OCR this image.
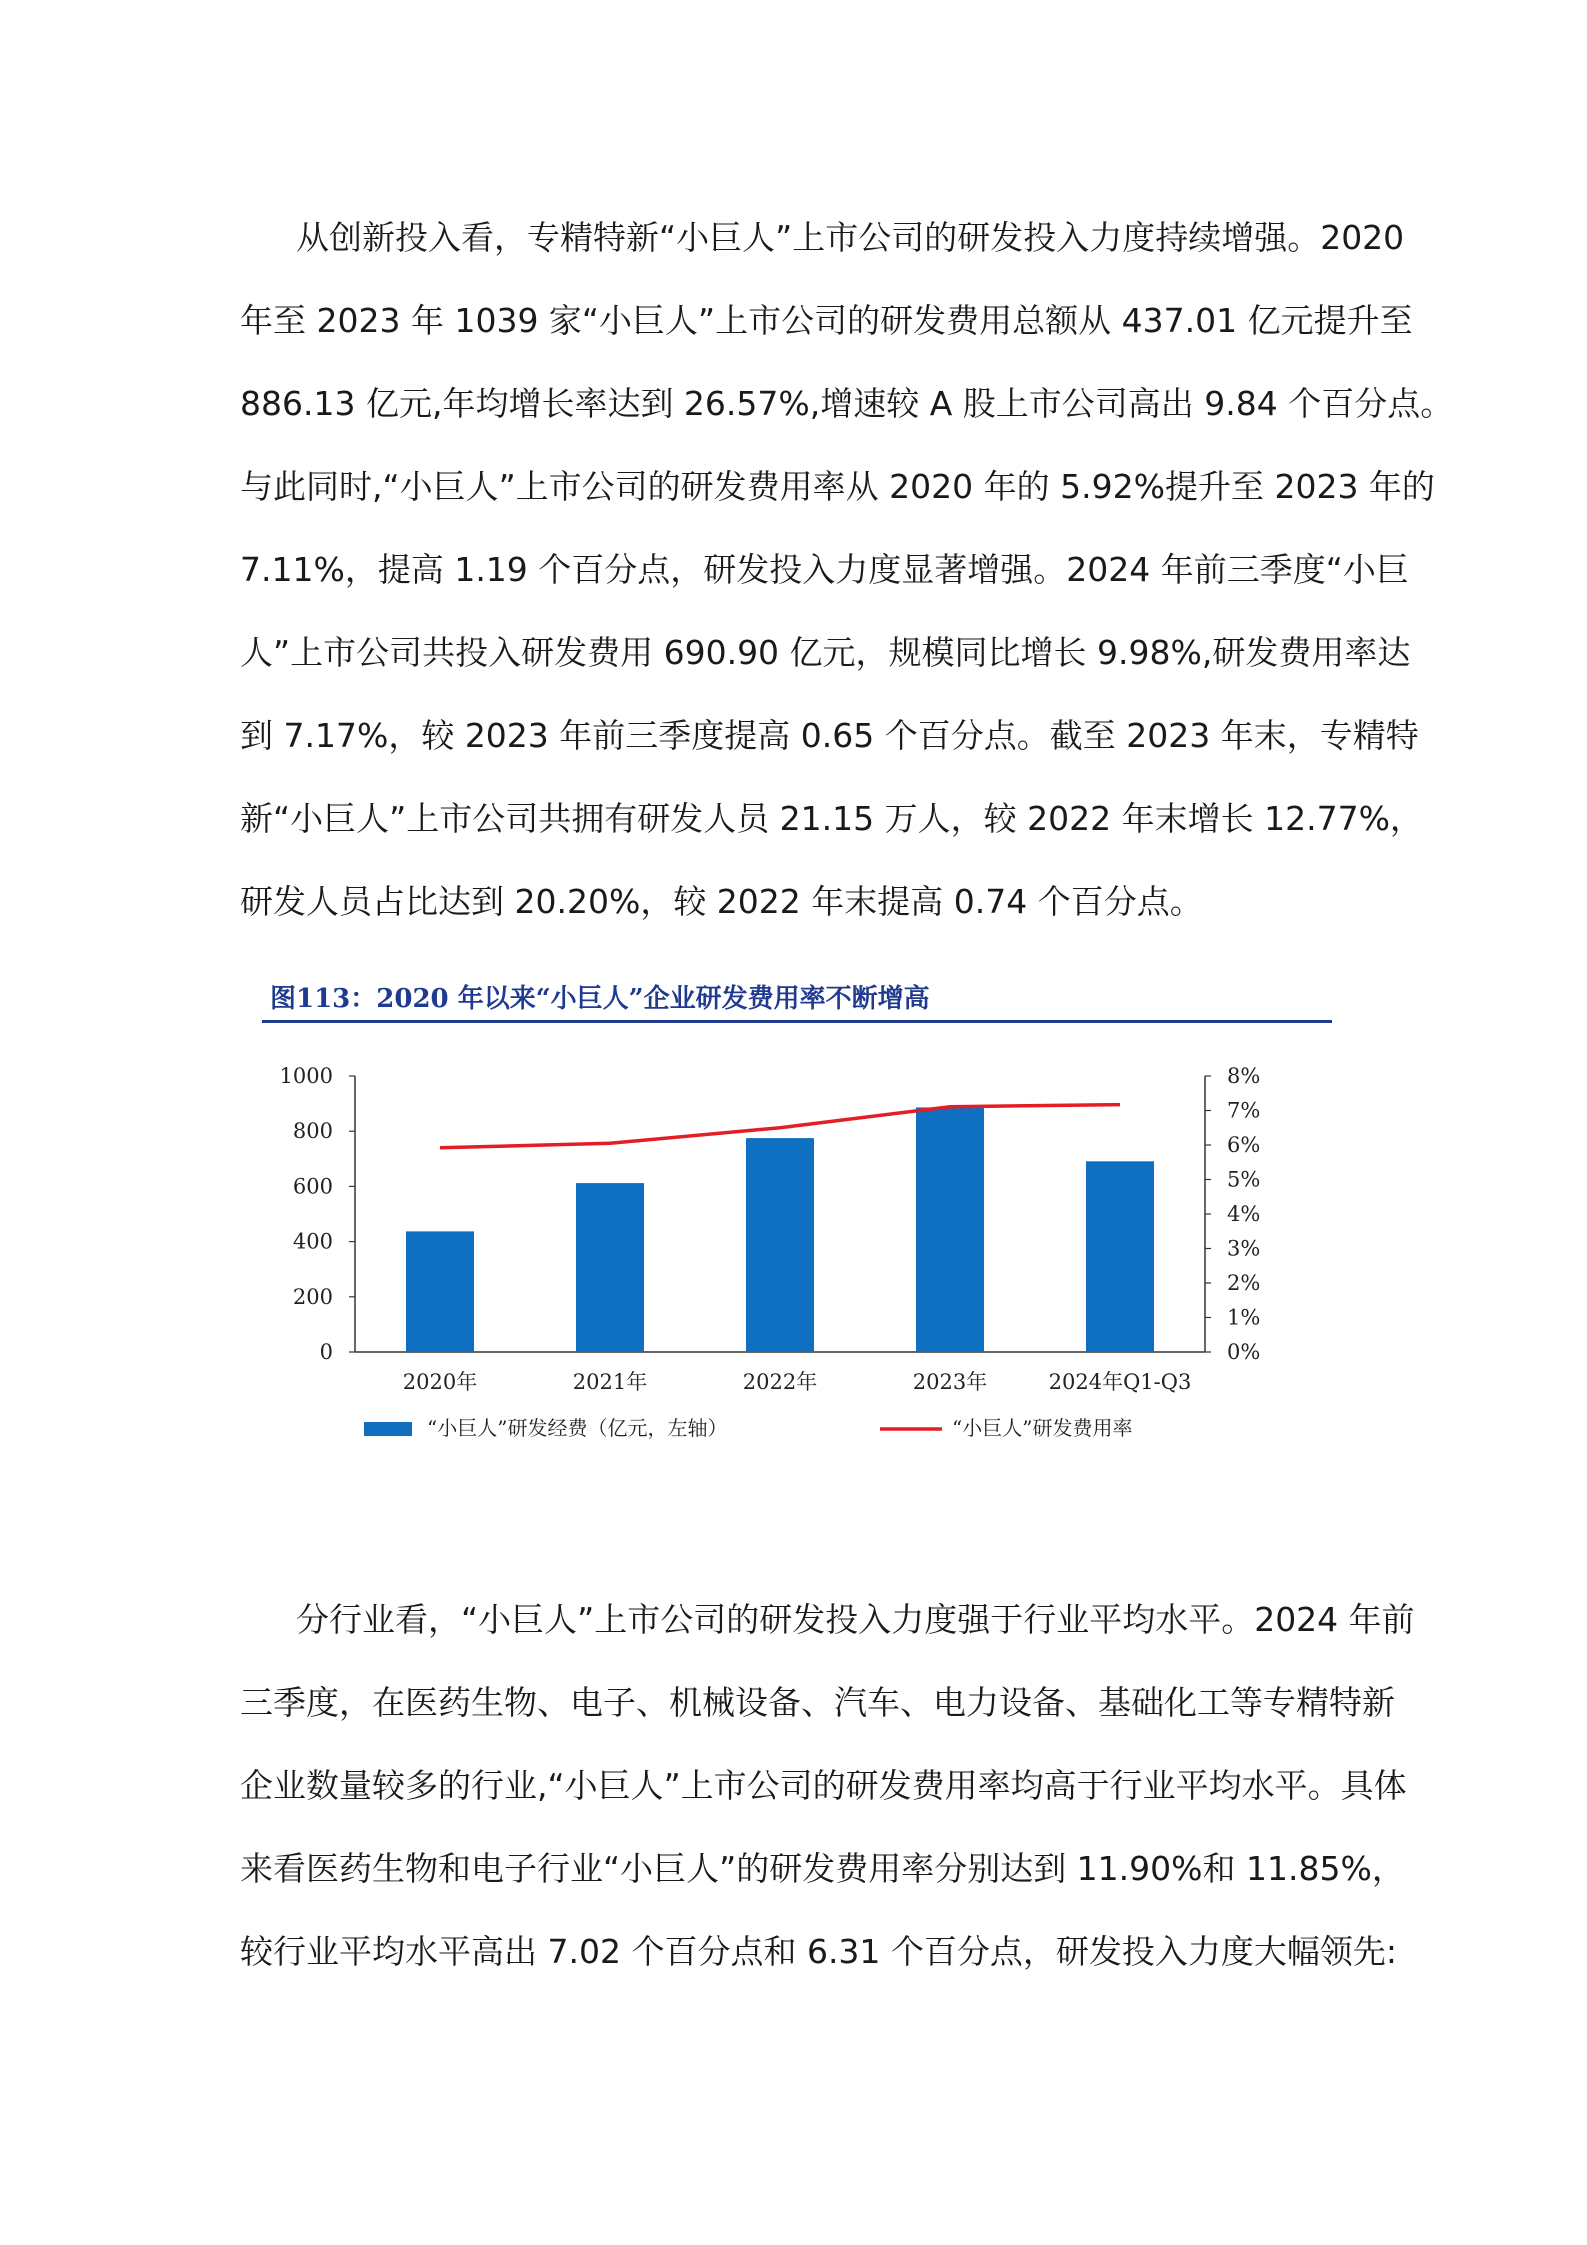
从创新投入看，专精特新“小巨人”上市公司的研发投入力度持续增强。2020
年至 2023 年 1039 家“小巨人”上市公司的研发费用总额从 437.01 亿元提升至
886.13 亿元,年均增长率达到 26.57%,增速较 A 股上市公司高出 9.84 个百分点。
与此同时,“小巨人”上市公司的研发费用率从 2020 年的 5.92%提升至 2023 年的
7.11%，提高 1.19 个百分点，研发投入力度显著增强。2024 年前三季度“小巨
人”上市公司共投入研发费用 690.90 亿元，规模同比增长 9.98%,研发费用率达
到 7.17%，较 2023 年前三季度提高 0.65 个百分点。截至 2023 年末，专精特
新“小巨人”上市公司共拥有研发人员 21.15 万人，较 2022 年末增长 12.77%，
研发人员占比达到 20.20%，较 2022 年末提高 0.74 个百分点。
图113：2020 年以来“小巨人”企业研发费用率不断增高
0
200
400
600
800
1000
0%
1%
2%
3%
4%
5%
6%
7%
8%
2020年	2021年	2022年	2023年	2024年Q1-Q3
“小巨人”研发经费（亿元，左轴）	“小巨人”研发费用率
分行业看，“小巨人”上市公司的研发投入力度强于行业平均水平。2024 年前
三季度，在医药生物、电子、机械设备、汽车、电力设备、基础化工等专精特新
企业数量较多的行业,“小巨人”上市公司的研发费用率均高于行业平均水平。具体
来看医药生物和电子行业“小巨人”的研发费用率分别达到 11.90%和 11.85%，
较行业平均水平高出 7.02 个百分点和 6.31 个百分点，研发投入力度大幅领先:
